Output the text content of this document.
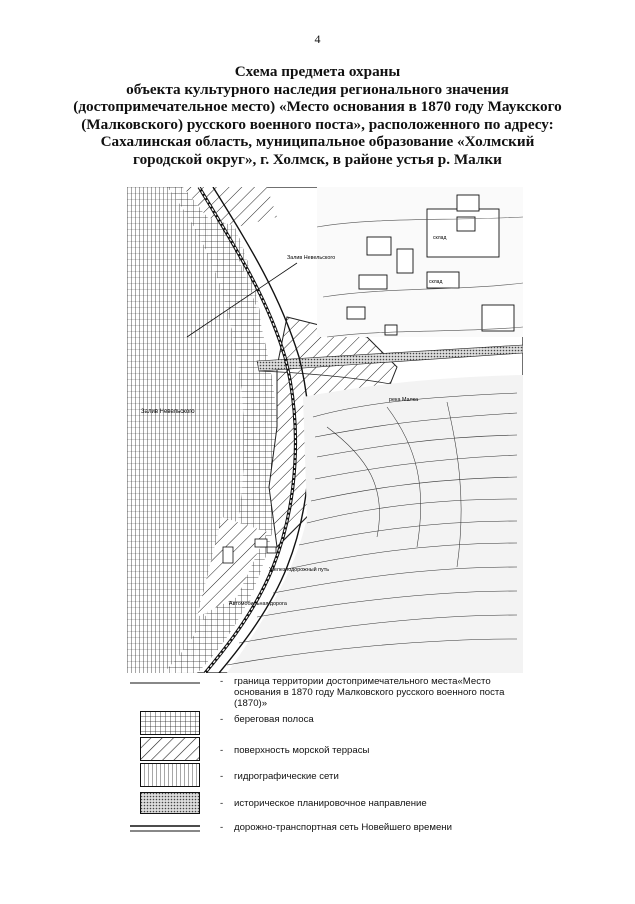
4
Схема предмета охраны
объекта культурного наследия регионального значения
(достопримечательное место) «Место основания в 1870 году Маукского
(Малковского) русского военного поста», расположенного по адресу:
Сахалинская область, муниципальное образование «Холмский
городской округ», г. Холмск, в районе устья р. Малки
Залив Невельского
Залив Невельского
река Малка
Железнодорожный путь
Автомобильная дорога
склад
склад
- граница территории достопримечательного места«Место основания в 1870 году Малковского русского военного поста (1870)»
- береговая полоса
- поверхность морской террасы
- гидрографические сети
- историческое планировочное направление
- дорожно-транспортная сеть Новейшего времени
